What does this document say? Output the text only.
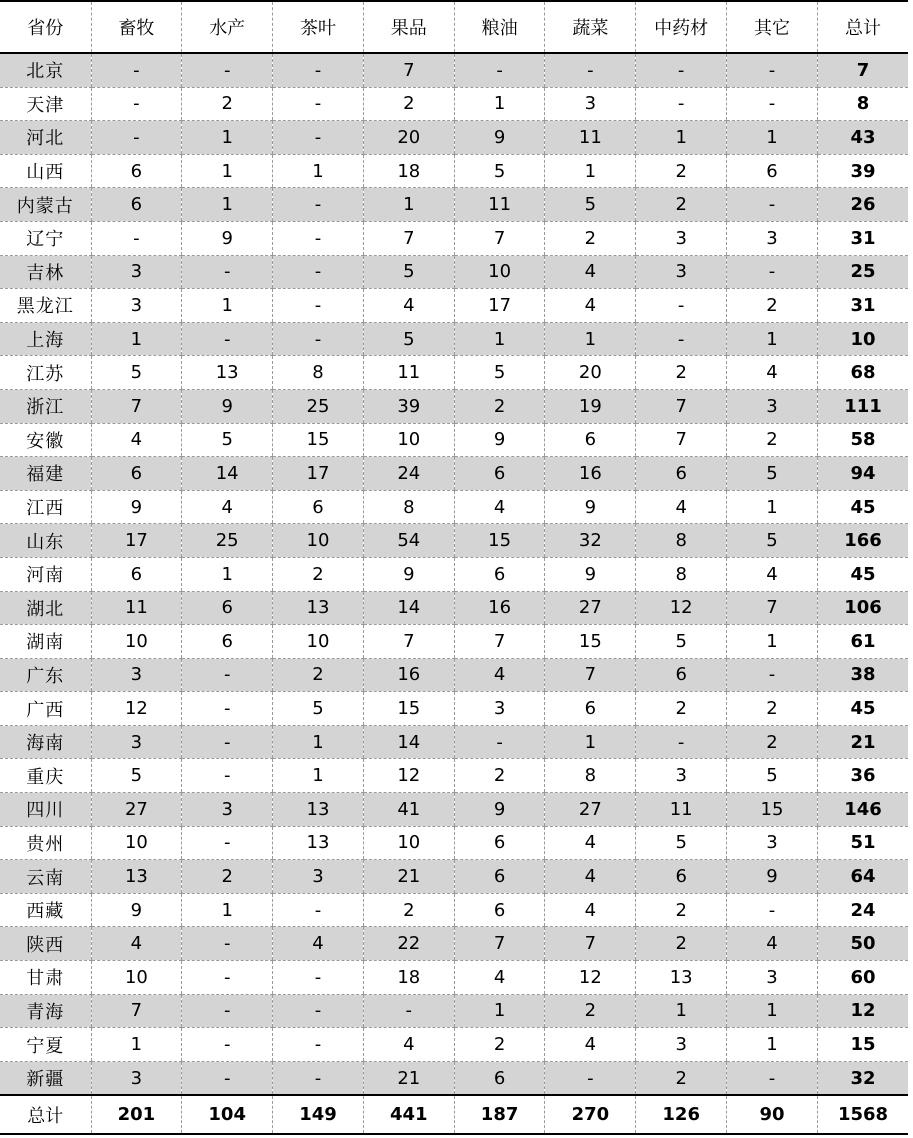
省份	畜牧	水产	茶叶	果品	粮油	蔬菜	中药材	其它	总计
北京	-	-	-	7	-	-	-	-	7
天津	-	2	-	2	1	3	-	-	8
河北	-	1	-	20	9	11	1	1	43
山西	6	1	1	18	5	1	2	6	39
内蒙古	6	1	-	1	11	5	2	-	26
辽宁	-	9	-	7	7	2	3	3	31
吉林	3	-	-	5	10	4	3	-	25
黑龙江	3	1	-	4	17	4	-	2	31
上海	1	-	-	5	1	1	-	1	10
江苏	5	13	8	11	5	20	2	4	68
浙江	7	9	25	39	2	19	7	3	111
安徽	4	5	15	10	9	6	7	2	58
福建	6	14	17	24	6	16	6	5	94
江西	9	4	6	8	4	9	4	1	45
山东	17	25	10	54	15	32	8	5	166
河南	6	1	2	9	6	9	8	4	45
湖北	11	6	13	14	16	27	12	7	106
湖南	10	6	10	7	7	15	5	1	61
广东	3	-	2	16	4	7	6	-	38
广西	12	-	5	15	3	6	2	2	45
海南	3	-	1	14	-	1	-	2	21
重庆	5	-	1	12	2	8	3	5	36
四川	27	3	13	41	9	27	11	15	146
贵州	10	-	13	10	6	4	5	3	51
云南	13	2	3	21	6	4	6	9	64
西藏	9	1	-	2	6	4	2	-	24
陕西	4	-	4	22	7	7	2	4	50
甘肃	10	-	-	18	4	12	13	3	60
青海	7	-	-	-	1	2	1	1	12
宁夏	1	-	-	4	2	4	3	1	15
新疆	3	-	-	21	6	-	2	-	32
总计	201	104	149	441	187	270	126	90	1568
